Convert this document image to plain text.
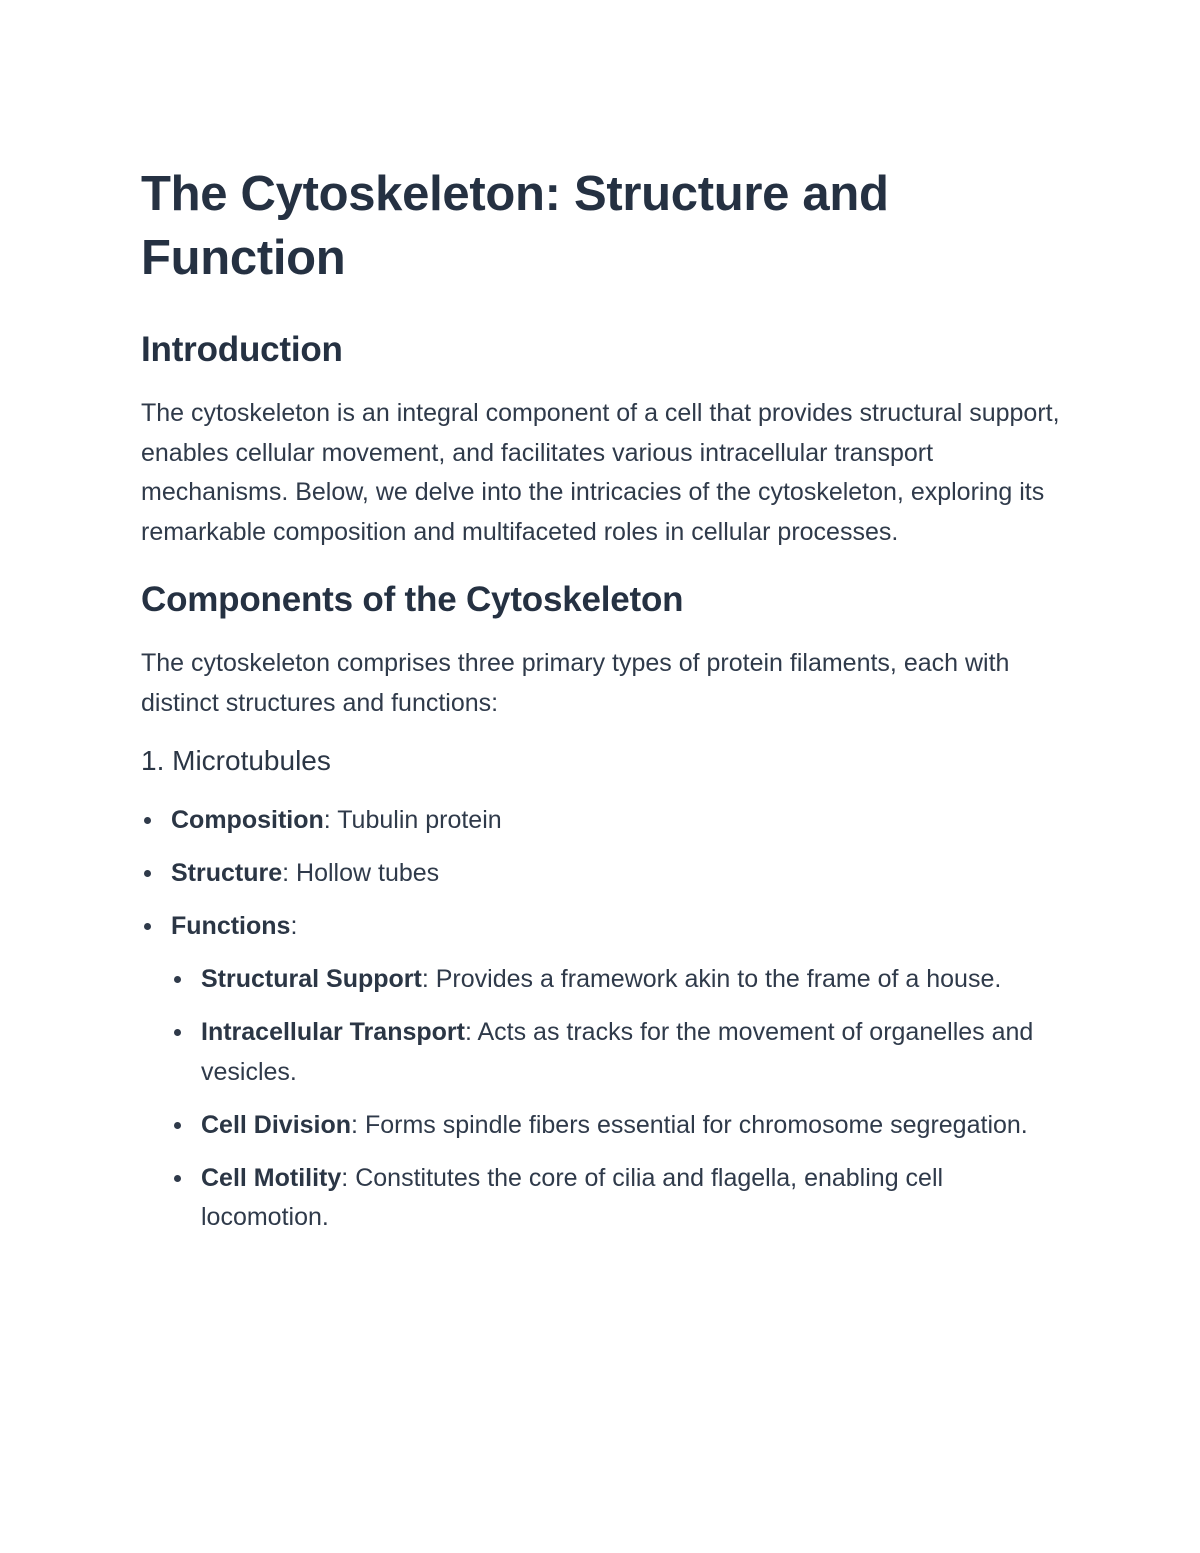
The Cytoskeleton: Structure and Function
Introduction

The cytoskeleton is an integral component of a cell that provides structural support, enables cellular movement, and facilitates various intracellular transport mechanisms. Below, we delve into the intricacies of the cytoskeleton, exploring its remarkable composition and multifaceted roles in cellular processes.

Components of the Cytoskeleton

The cytoskeleton comprises three primary types of protein filaments, each with distinct structures and functions:

1. Microtubules
Composition: Tubulin protein
Structure: Hollow tubes
Functions:
Structural Support: Provides a framework akin to the frame of a house.
Intracellular Transport: Acts as tracks for the movement of organelles and vesicles.
Cell Division: Forms spindle fibers essential for chromosome segregation.
Cell Motility: Constitutes the core of cilia and flagella, enabling cell locomotion.
